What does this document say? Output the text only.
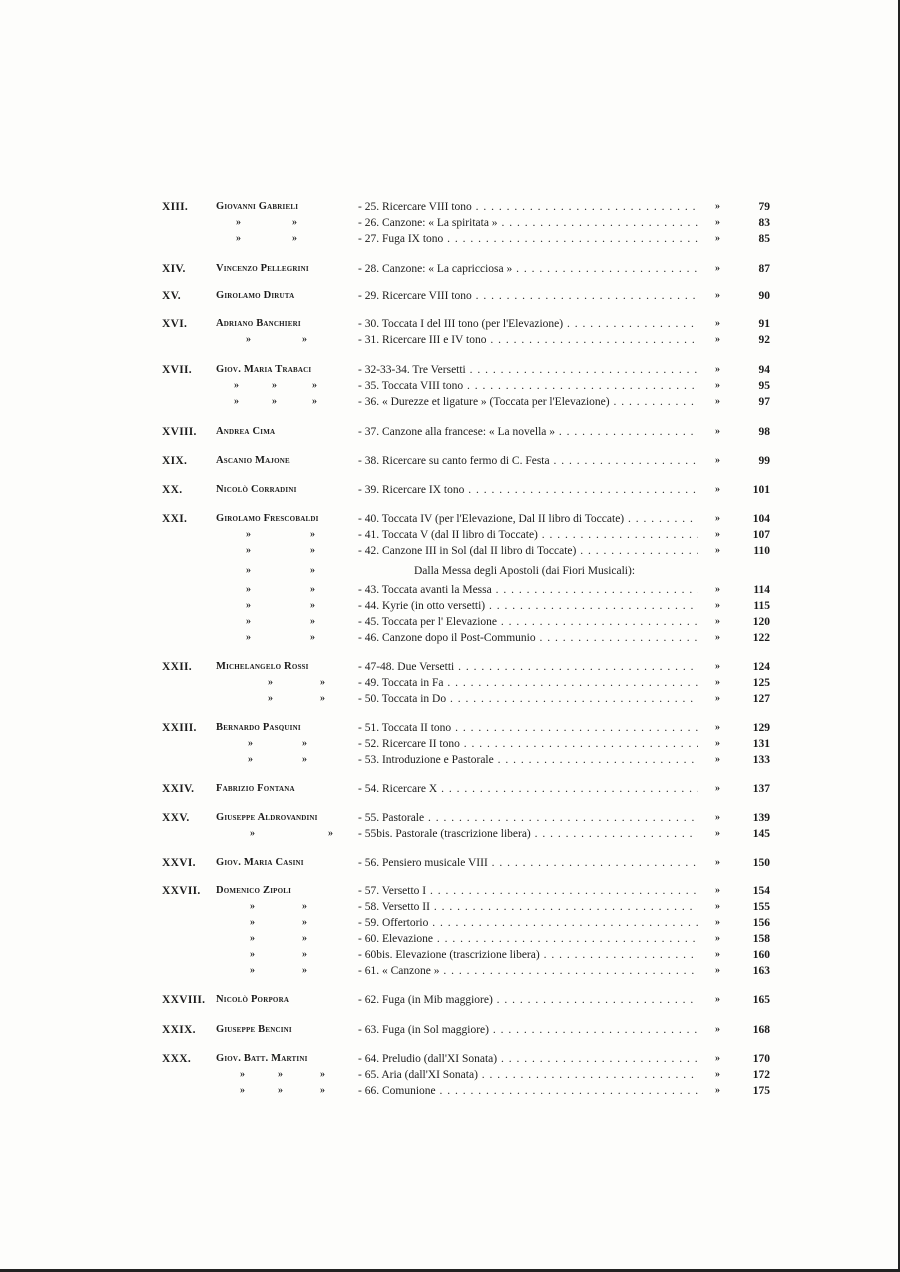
XIII.	Giovanni Gabrieli	- 25. Ricercare VIII tono . .	»	79
»	»	- 26. Canzone: « La spiritata » . .	»	83
»	»	- 27. Fuga IX tono . .	»	85
XIV.	Vincenzo Pellegrini	- 28. Canzone: « La capricciosa » . .	»	87
XV.	Girolamo Diruta	- 29. Ricercare VIII tono . .	»	90
XVI.	Adriano Banchieri	- 30. Toccata I del III tono (per l'Elevazione) . .	»	91
»	»	- 31. Ricercare III e IV tono . .	»	92
XVII. Giov. Maria Trabaci	- 32-33-34. Tre Versetti . .	»	94
»	»	»	- 35. Toccata VIII tono . .	»	95
»	»	»	- 36. « Durezze et ligature » (Toccata per l'Elevazione) . .	»	97
XVIII. Andrea Cima	- 37. Canzone alla francese: « La novella » . .	»	98
XIX.	Ascanio Majone	- 38. Ricercare su canto fermo di C. Festa . .	»	99
XX.	Nicolò Corradini	- 39. Ricercare IX tono . .	»	101
XXI.	Girolamo Frescobaldi	- 40. Toccata IV (per l'Elevazione, Dal II libro di Toccate) . .	»	104
»	»	- 41. Toccata V (dal II libro di Toccate) . .	»	107
»	»	- 42. Canzone III in Sol (dal II libro di Toccate) . .	»	110
»	»	Dalla Messa degli Apostoli (dai Fiori Musicali):
»	»	- 43. Toccata avanti la Messa . .	»	114
»	»	- 44. Kyrie (in otto versetti) . .	»	115
»	»	- 45. Toccata per l' Elevazione . .	»	120
»	»	- 46. Canzone dopo il Post-Communio . .	»	122
XXII. Michelangelo Rossi	- 47-48. Due Versetti . .	»	124
»	»	- 49. Toccata in Fa . .	»	125
»	»	- 50. Toccata in Do . .	»	127
XXIII. Bernardo Pasquini	- 51. Toccata II tono . .	»	129
»	»	- 52. Ricercare II tono . .	»	131
»	»	- 53. Introduzione e Pastorale . .	»	133
XXIV. Fabrizio Fontana	- 54. Ricercare X . .	»	137
XXV.	Giuseppe Aldrovandini	- 55. Pastorale . .	»	139
»	» - 55bis. Pastorale (trascrizione libera) . .	»	145
XXVI. Giov. Maria Casini	- 56. Pensiero musicale VIII . .	»	150
XXVII. Domenico Zipoli	- 57. Versetto I . .	»	154
»	»	- 58. Versetto II . .	»	155
»	»	- 59. Offertorio . .	»	156
»	»	- 60. Elevazione . .	»	158
»	»	- 60bis. Elevazione (trascrizione libera) . .	»	160
»	»	- 61. « Canzone » . .	»	163
XXVIII. Nicolò Porpora	- 62. Fuga (in Mib maggiore) . .	»	165
XXIX. Giuseppe Bencini	- 63. Fuga (in Sol maggiore) . .	»	168
XXX. Giov. Batt. Martini	- 64. Preludio (dall'XI Sonata) . .	»	170
»	»	»	- 65. Aria (dall'XI Sonata) . .	»	172
»	»	»	- 66. Comunione . .	»	175
